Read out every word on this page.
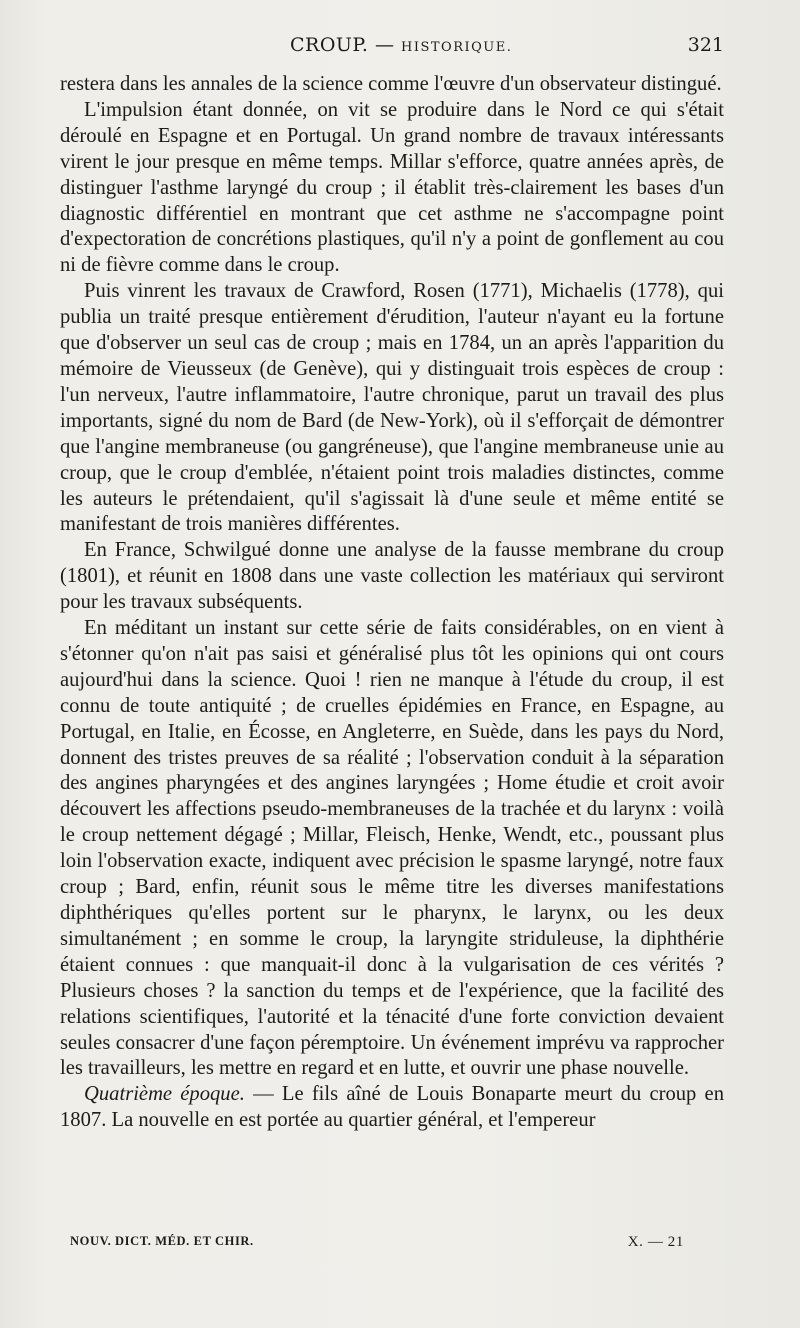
CROUP. — HISTORIQUE.	321

restera dans les annales de la science comme l'œuvre d'un observateur distingué.

L'impulsion étant donnée, on vit se produire dans le Nord ce qui s'était déroulé en Espagne et en Portugal. Un grand nombre de travaux intéressants virent le jour presque en même temps. Millar s'efforce, quatre années après, de distinguer l'asthme laryngé du croup ; il établit très-clairement les bases d'un diagnostic différentiel en montrant que cet asthme ne s'accompagne point d'expectoration de concrétions plastiques, qu'il n'y a point de gonflement au cou ni de fièvre comme dans le croup.

Puis vinrent les travaux de Crawford, Rosen (1771), Michaelis (1778), qui publia un traité presque entièrement d'érudition, l'auteur n'ayant eu la fortune que d'observer un seul cas de croup ; mais en 1784, un an après l'apparition du mémoire de Vieusseux (de Genève), qui y distinguait trois espèces de croup : l'un nerveux, l'autre inflammatoire, l'autre chronique, parut un travail des plus importants, signé du nom de Bard (de New-York), où il s'efforçait de démontrer que l'angine membraneuse (ou gangréneuse), que l'angine membraneuse unie au croup, que le croup d'emblée, n'étaient point trois maladies distinctes, comme les auteurs le prétendaient, qu'il s'agissait là d'une seule et même entité se manifestant de trois manières différentes.

En France, Schwilgué donne une analyse de la fausse membrane du croup (1801), et réunit en 1808 dans une vaste collection les matériaux qui serviront pour les travaux subséquents.

En méditant un instant sur cette série de faits considérables, on en vient à s'étonner qu'on n'ait pas saisi et généralisé plus tôt les opinions qui ont cours aujourd'hui dans la science. Quoi ! rien ne manque à l'étude du croup, il est connu de toute antiquité ; de cruelles épidémies en France, en Espagne, au Portugal, en Italie, en Écosse, en Angleterre, en Suède, dans les pays du Nord, donnent des tristes preuves de sa réalité ; l'observation conduit à la séparation des angines pharyngées et des angines laryngées ; Home étudie et croit avoir découvert les affections pseudo-membraneuses de la trachée et du larynx : voilà le croup nettement dégagé ; Millar, Fleisch, Henke, Wendt, etc., poussant plus loin l'observation exacte, indiquent avec précision le spasme laryngé, notre faux croup ; Bard, enfin, réunit sous le même titre les diverses manifestations diphthériques qu'elles portent sur le pharynx, le larynx, ou les deux simultanément ; en somme le croup, la laryngite striduleuse, la diphthérie étaient connues : que manquait-il donc à la vulgarisation de ces vérités ? Plusieurs choses ? la sanction du temps et de l'expérience, que la facilité des relations scientifiques, l'autorité et la ténacité d'une forte conviction devaient seules consacrer d'une façon péremptoire. Un événement imprévu va rapprocher les travailleurs, les mettre en regard et en lutte, et ouvrir une phase nouvelle.

Quatrième époque. — Le fils aîné de Louis Bonaparte meurt du croup en 1807. La nouvelle en est portée au quartier général, et l'empereur

NOUV. DICT. MÉD. ET CHIR.	X. — 21
